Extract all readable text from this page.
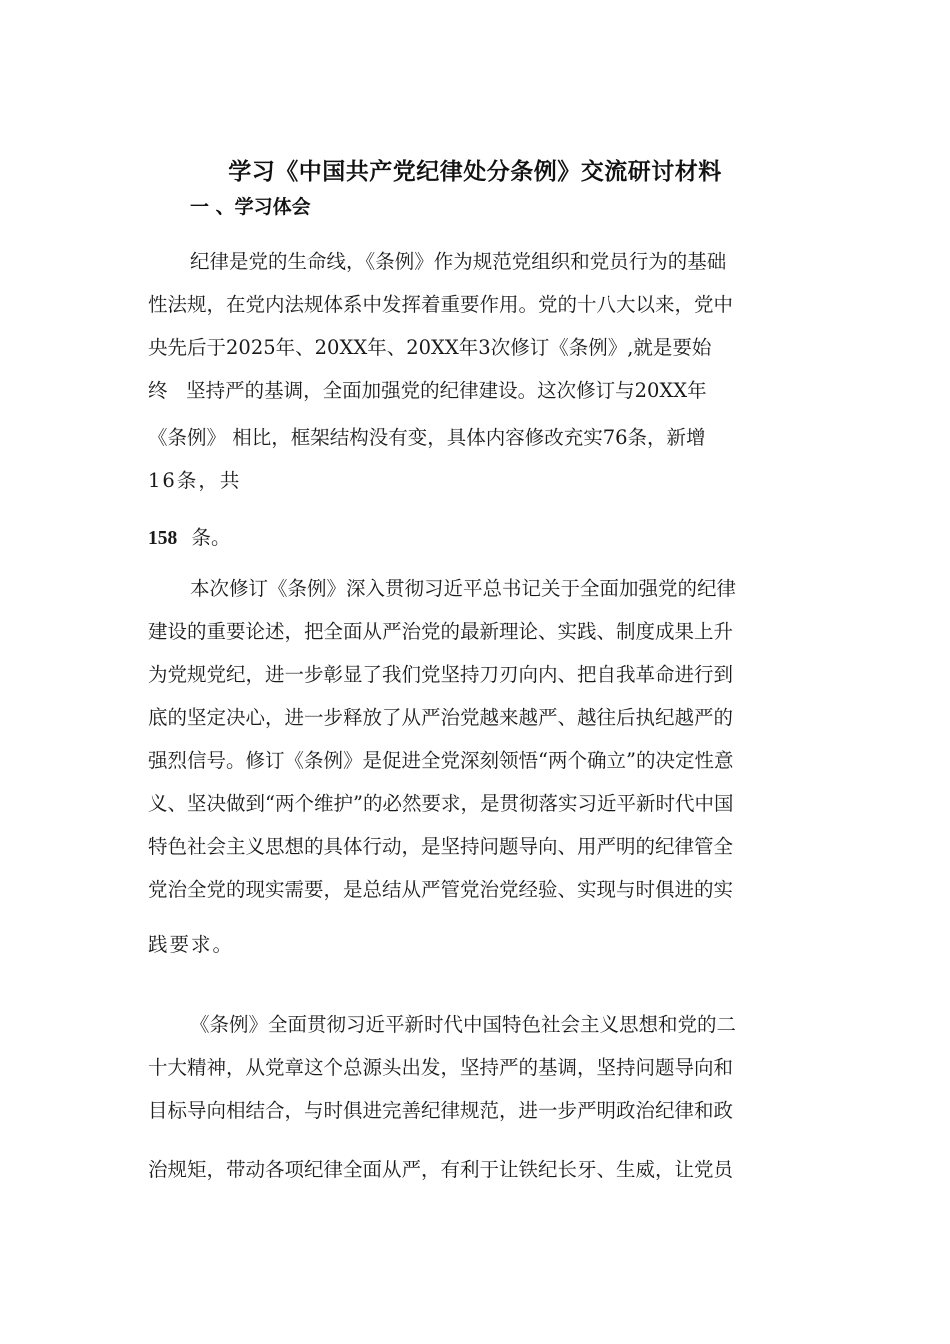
学习《中国共产党纪律处分条例》交流研讨材料
一 、学习体会
纪律是党的生命线，《条例》作为规范党组织和党员行为的基础
性法规，在党内法规体系中发挥着重要作用。党的十八大以来，党中
央先后于2025年、20XX年、20XX年3次修订《条例》,就是要始
终   坚持严的基调，全面加强党的纪律建设。这次修订与20XX年
《条例》 相比，框架结构没有变，具体内容修改充实76条，新增
16条，共
158 条。
本次修订《条例》深入贯彻习近平总书记关于全面加强党的纪律
建设的重要论述，把全面从严治党的最新理论、实践、制度成果上升
为党规党纪，进一步彰显了我们党坚持刀刃向内、把自我革命进行到
底的坚定决心，进一步释放了从严治党越来越严、越往后执纪越严的
强烈信号。修订《条例》是促进全党深刻领悟“两个确立”的决定性意
义、坚决做到“两个维护”的必然要求，是贯彻落实习近平新时代中国
特色社会主义思想的具体行动，是坚持问题导向、用严明的纪律管全
党治全党的现实需要，是总结从严管党治党经验、实现与时俱进的实
践要求。
《条例》全面贯彻习近平新时代中国特色社会主义思想和党的二
十大精神，从党章这个总源头出发，坚持严的基调，坚持问题导向和
目标导向相结合，与时俱进完善纪律规范，进一步严明政治纪律和政
治规矩，带动各项纪律全面从严，有利于让铁纪长牙、生威，让党员
